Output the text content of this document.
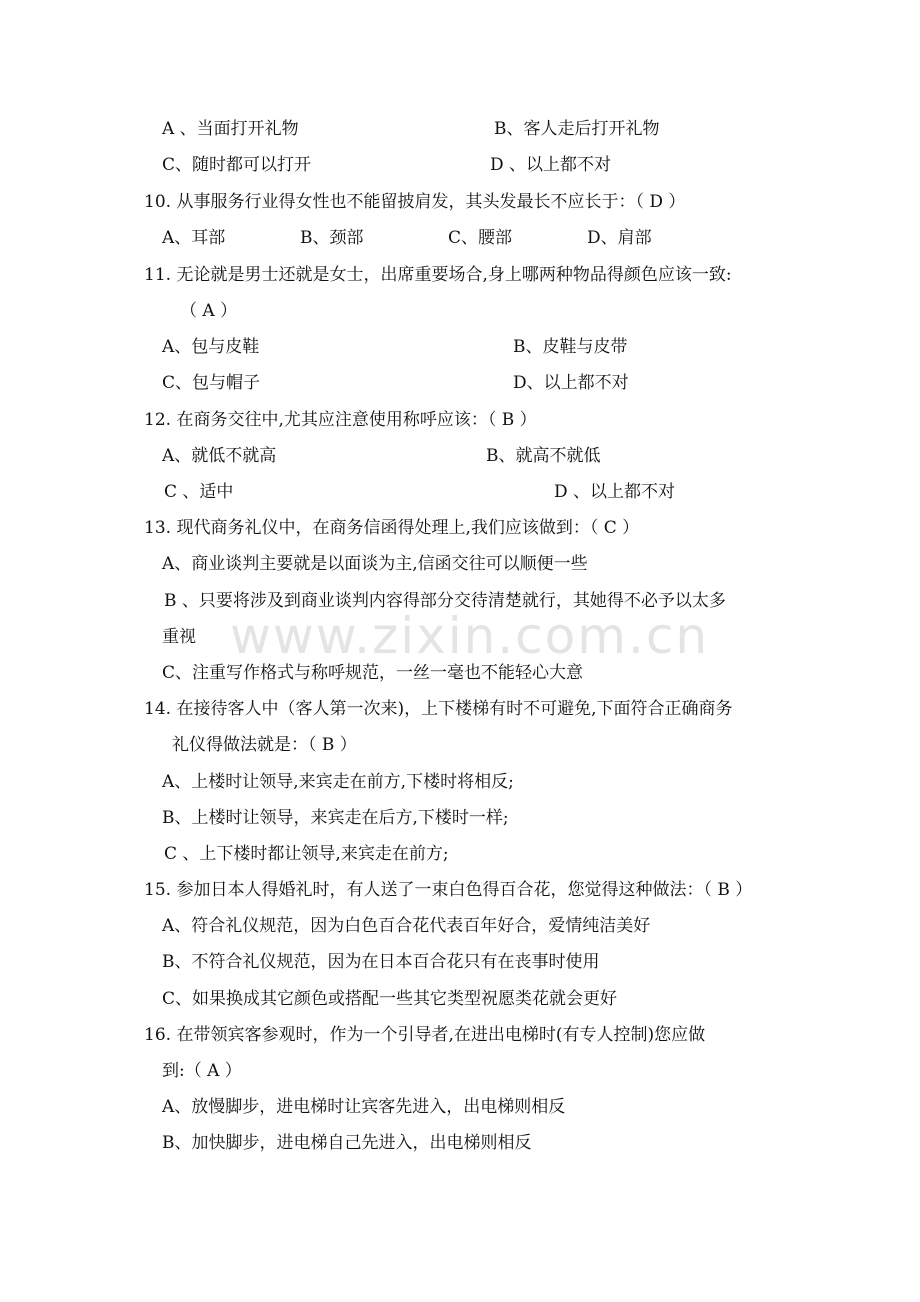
www.zixin.com.cn
A 、当面打开礼物	B、客人走后打开礼物
C、随时都可以打开	D 、以上都不对
10. 从事服务行业得女性也不能留披肩发，其头发最长不应长于：（ D ）
A、耳部	B、颈部	C、腰部	D、肩部
11. 无论就是男士还就是女士，出席重要场合,身上哪两种物品得颜色应该一致:
（ A ）
A、包与皮鞋	B、皮鞋与皮带
C、包与帽子	D、以上都不对
12. 在商务交往中,尤其应注意使用称呼应该：（ B ）
A、就低不就高	B、就高不就低
C 、适中	D 、以上都不对
13. 现代商务礼仪中，在商务信函得处理上,我们应该做到：（ C ）
A、商业谈判主要就是以面谈为主,信函交往可以顺便一些
B 、只要将涉及到商业谈判内容得部分交待清楚就行，其她得不必予以太多
重视
C、注重写作格式与称呼规范，一丝一毫也不能轻心大意
14. 在接待客人中（客人第一次来)，上下楼梯有时不可避免,下面符合正确商务
礼仪得做法就是：（ B ）
A、上楼时让领导,来宾走在前方,下楼时将相反;
B、上楼时让领导，来宾走在后方,下楼时一样;
C 、上下楼时都让领导,来宾走在前方;
15. 参加日本人得婚礼时，有人送了一束白色得百合花，您觉得这种做法：（ B ）
A、符合礼仪规范，因为白色百合花代表百年好合，爱情纯洁美好
B、不符合礼仪规范，因为在日本百合花只有在丧事时使用
C、如果换成其它颜色或搭配一些其它类型祝愿类花就会更好
16. 在带领宾客参观时，作为一个引导者,在进出电梯时(有专人控制)您应做
到:（ A ）
A、放慢脚步，进电梯时让宾客先进入，出电梯则相反
B、加快脚步，进电梯自己先进入，出电梯则相反
